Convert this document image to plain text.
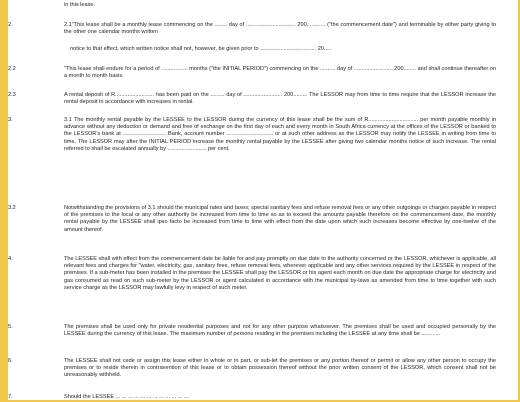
in this lease.
2.	2.1"This lease shall be a monthly lease commencing on the ........ day of ................................ 200............ ("the commencement date") and terminable by either party giving to the other one calendar months written
notice to that effect, which written notice shall not, however, be given prior to .................................... 20.....
2.2	"This lease shall endure for a period of ................. months ("the INITIAL PERIOD") commencing on the .......... day of ......................... 200........ and shall continue thereafter on a month to month basis.
2.3	A rental deposit of R......................... has been paid on the ......... day of ......................... 200......... The LESSOR may from time to time require that the LESSOR increase the rental deposit in accordance with increases in rental.
3.	3.1 The monthly rental payable by the LESSEE to the LESSOR during the currency of this lease shall be the sum of R................................ per month payable monthly in advance without any deduction or demand and free of exchange on the first day of each and every month in South Africa currency at the offices of the LESSOR or banked to the LESSOR's bank at ............................ Bank, account number .............................. or at such other address as the LESSOR may notify the LESSEE in writing from time to time. The LESSOR may after the INITIAL PERIOD increase the monthly rental payable by the LESSEE after giving two calendar months notice of such increase. The rental referred to shall be escalated annually by ......................... per cent.
3.2	Notwithstanding the provisions of 3.1 should the municipal rates and taxes; special sanitary fees and refuse removal fees or any other outgoings or charges payable in respect of the premises to the local or any other authority be increased from time to time so as to exceed the amounts payable therefore on the commencement date, the monthly rental payable by the LESSEE shall ipso facto be increased from time to time with effect from the date upon which such increases become effective by one-twelve of the amount thereof.
4.	The LESSEE shall with effect from the commencement date be liable for and pay promptly on due date to the authority concerned or the LESSOR, whichever is applicable, all relevant fees and charges for "water, electricity, gas, sanitary fees, refuse removal fees, wherever applicable and any other services required by the LESSEE in respect of the premises. If a sub-meter has been installed in the premises the LESSEE shall pay the LESSOR or his agent each month on due date the appropriate charge for electricity and gas consumed as read on such sub-meter by the LESSOR or agent calculated in accordance with the municipal by-laws as amended from time to time together with such service charge as the LESSOR may lawfully levy in respect of such meter.
5.	The premises shall be used only for private residential purposes and not for any other purpose whatsoever. The premises shall be used and occupied personally by the LESSEE during the currency of this lease. The maximum number of persons residing in the premises including the LESSEE at any time shall be ............
6.	The LESSEE shall not cede or assign this lease either in whole or in part, or sub-let the premises or any portion thereof or permit or allow any other person to occupy the premises or to reside therein in contravention of this lease or to obtain possession thereof without the prior written consent of the LESSOR, which consent shall not be unreasonably withheld.
7.	Should the LESSEE ... ... ... ... ... ... ... ... ... ... ... ...
